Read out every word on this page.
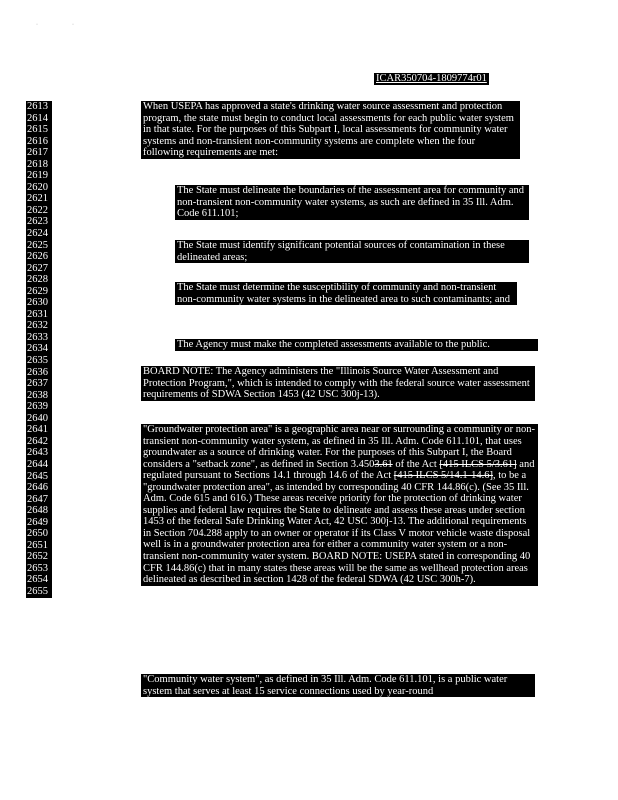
·	·
ICAR350704-1809774r01
2613
2614
2615
2616
2617
2618
2619
2620
2621
2622
2623
2624
2625
2626
2627
2628
2629
2630
2631
2632
2633
2634
2635
2636
2637
2638
2639
2640
2641
2642
2643
2644
2645
2646
2647
2648
2649
2650
2651
2652
2653
2654
2655

When USEPA has approved a state's drinking water source assessment and protection program, the state must begin to conduct local assessments for each public water system in that state. For the purposes of this Subpart I, local assessments for community water systems and non-transient non-community systems are complete when the four following requirements are met:

The State must delineate the boundaries of the assessment area for community and non-transient non-community water systems, as such are defined in 35 Ill. Adm. Code 611.101;

The State must identify significant potential sources of contamination in these delineated areas;

The State must determine the susceptibility of community and non-transient non-community water systems in the delineated area to such contaminants; and

The Agency must make the completed assessments available to the public.

BOARD NOTE: The Agency administers the "Illinois Source Water Assessment and Protection Program,", which is intended to comply with the federal source water assessment requirements of SDWA Section 1453 (42 USC 300j-13).

"Groundwater protection area" is a geographic area near or surrounding a community or non-transient non-community water system, as defined in 35 Ill. Adm. Code 611.101, that uses groundwater as a source of drinking water. For the purposes of this Subpart I, the Board considers a "setback zone", as defined in Section 3.4503.61 of the Act [415 ILCS 5/3.61] and regulated pursuant to Sections 14.1 through 14.6 of the Act [415 ILCS 5/14.1-14.6], to be a "groundwater protection area", as intended by corresponding 40 CFR 144.86(c). (See 35 Ill. Adm. Code 615 and 616.) These areas receive priority for the protection of drinking water supplies and federal law requires the State to delineate and assess these areas under section 1453 of the federal Safe Drinking Water Act, 42 USC 300j-13. The additional requirements in Section 704.288 apply to an owner or operator if its Class V motor vehicle waste disposal well is in a groundwater protection area for either a community water system or a non-transient non-community water system. BOARD NOTE: USEPA stated in corresponding 40 CFR 144.86(c) that in many states these areas will be the same as wellhead protection areas delineated as described in section 1428 of the federal SDWA (42 USC 300h-7).

"Community water system", as defined in 35 Ill. Adm. Code 611.101, is a public water system that serves at least 15 service connections used by year-round
